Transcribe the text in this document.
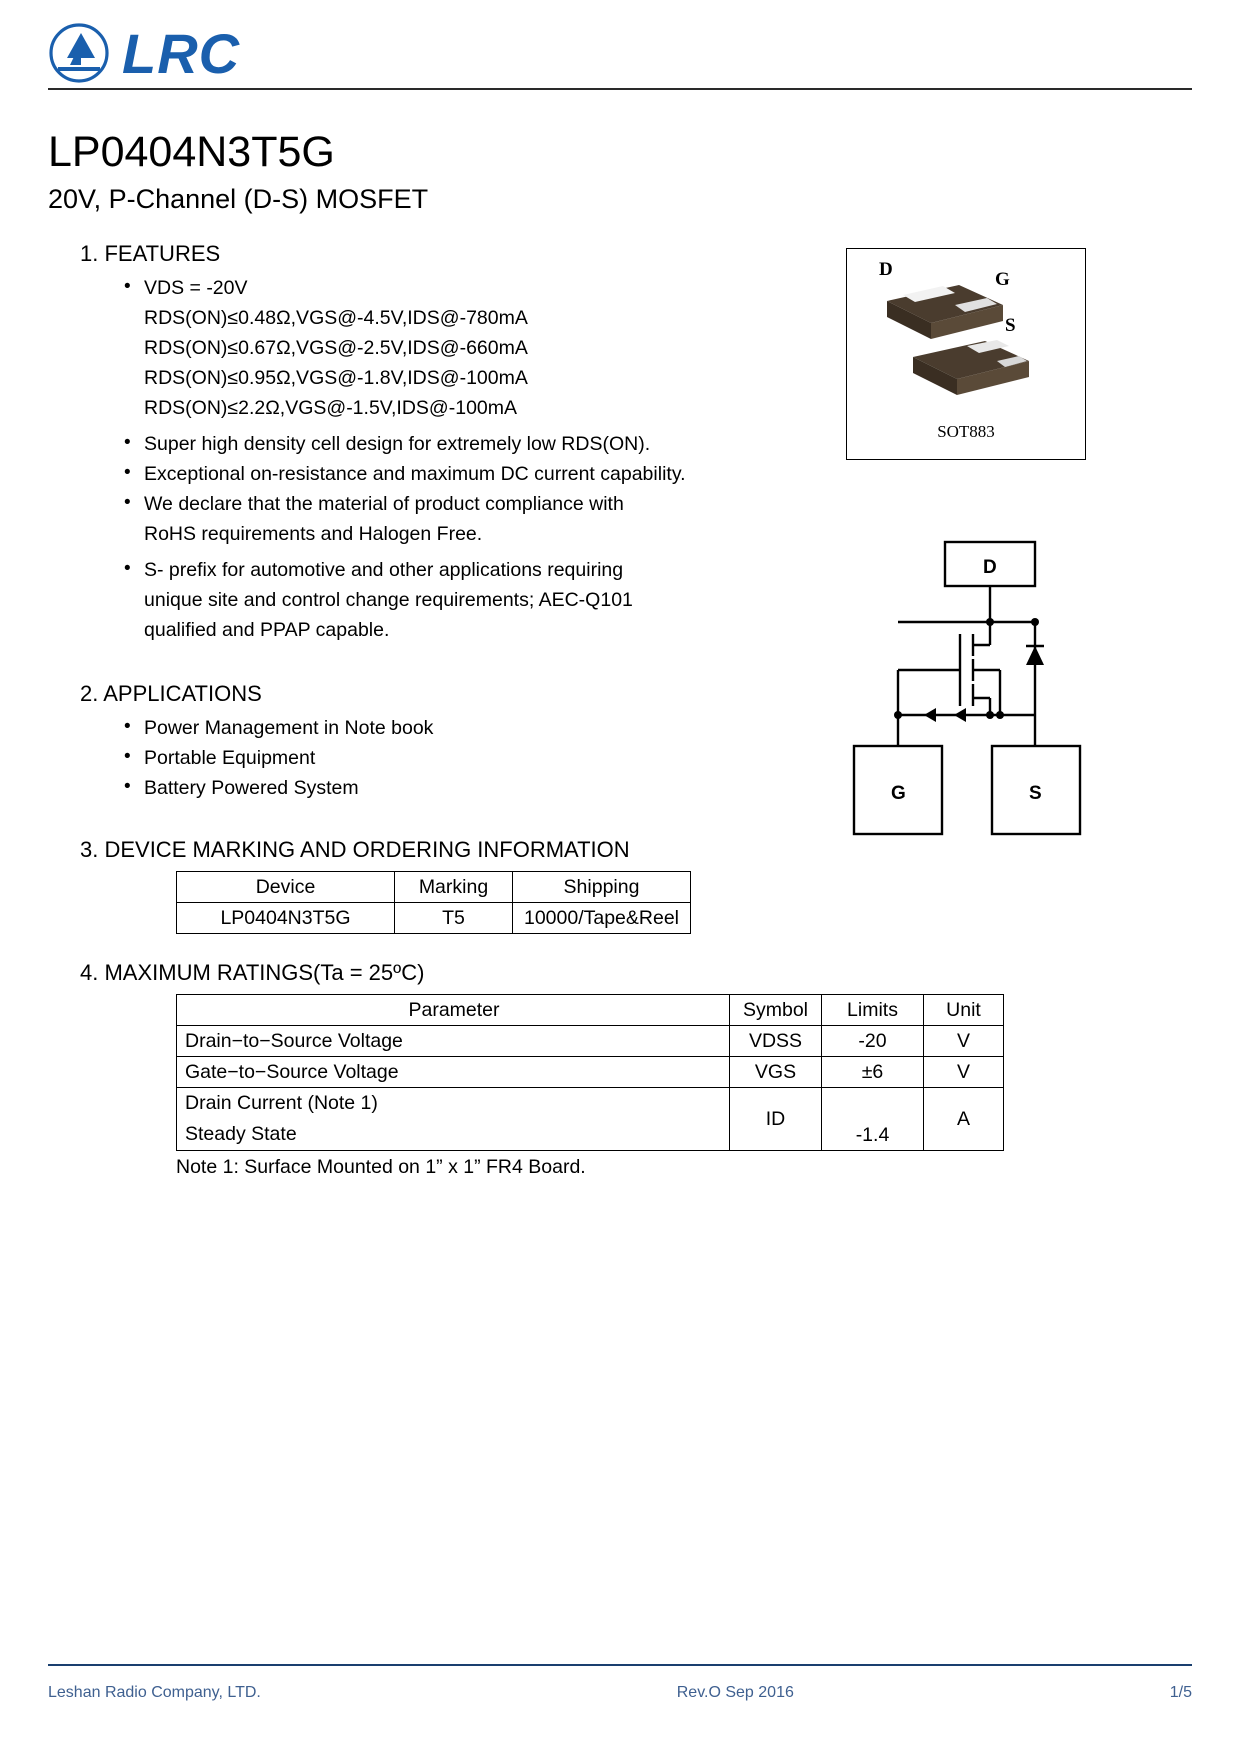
LRC
LP0404N3T5G
20V, P-Channel (D-S) MOSFET
1. FEATURES
• VDS = -20V
RDS(ON)≤0.48Ω,VGS@-4.5V,IDS@-780mA
RDS(ON)≤0.67Ω,VGS@-2.5V,IDS@-660mA
RDS(ON)≤0.95Ω,VGS@-1.8V,IDS@-100mA
RDS(ON)≤2.2Ω,VGS@-1.5V,IDS@-100mA
• Super high density cell design for extremely low RDS(ON).
• Exceptional on-resistance and maximum DC current capability.
• We declare that the material of product compliance with
RoHS requirements and Halogen Free.
• S- prefix for automotive and other applications requiring
unique site and control change requirements; AEC-Q101
qualified and PPAP capable.
2. APPLICATIONS
• Power Management in Note book
• Portable Equipment
• Battery Powered System
3. DEVICE MARKING AND ORDERING INFORMATION
Device	Marking	Shipping
LP0404N3T5G	T5	10000/Tape&Reel
4. MAXIMUM RATINGS(Ta = 25ºC)
Parameter	Symbol	Limits	Unit
Drain−to−Source Voltage	VDSS	-20	V
Gate−to−Source Voltage	VGS	±6	V

Drain Current (Note 1)
Steady State	ID	-1.4	A
Note 1: Surface Mounted on 1” x 1” FR4 Board.
D	G
S
SOT883
D
G	S
Leshan Radio Company, LTD.	Rev.O Sep 2016	1/5
